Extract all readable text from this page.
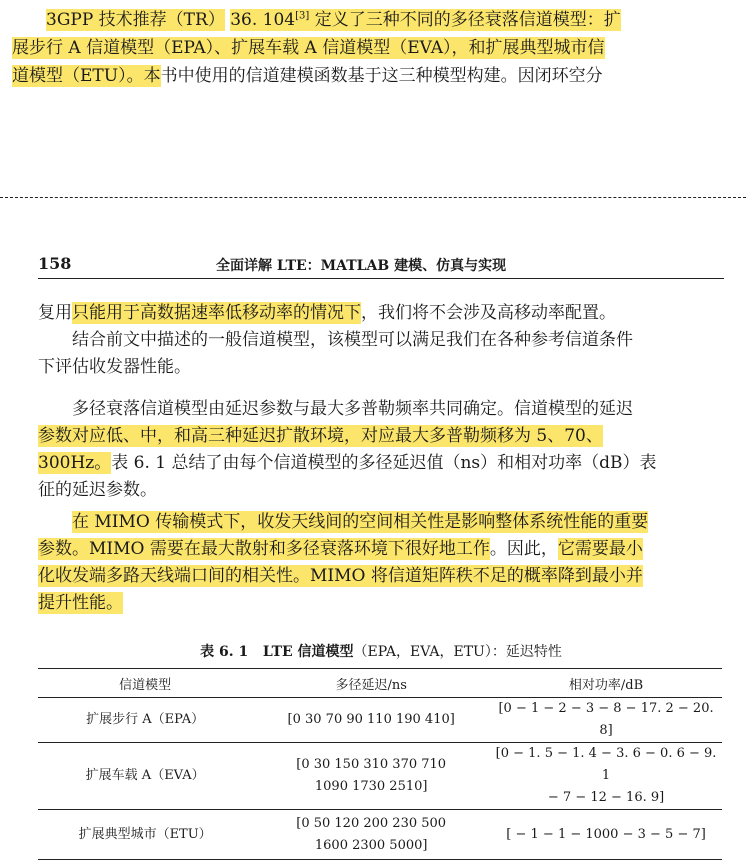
3GPP 技术推荐（TR） 36. 104[3] 定义了三种不同的多径衰落信道模型：扩
展步行 A 信道模型（EPA）、扩展车载 A 信道模型（EVA），和扩展典型城市信
道模型（ETU）。本书中使用的信道建模函数基于这三种模型构建。因闭环空分
158	全面详解 LTE：MATLAB 建模、仿真与实现

复用只能用于高数据速率低移动率的情况下，我们将不会涉及高移动率配置。

结合前文中描述的一般信道模型，该模型可以满足我们在各种参考信道条件
下评估收发器性能。

多径衰落信道模型由延迟参数与最大多普勒频率共同确定。信道模型的延迟
参数对应低、中，和高三种延迟扩散环境，对应最大多普勒频移为 5、70、
300Hz。表 6. 1 总结了由每个信道模型的多径延迟值（ns）和相对功率（dB）表
征的延迟参数。

在 MIMO 传输模式下，收发天线间的空间相关性是影响整体系统性能的重要
参数。MIMO 需要在最大散射和多径衰落环境下很好地工作。因此，它需要最小
化收发端多路天线端口间的相关性。MIMO 将信道矩阵秩不足的概率降到最小并
提升性能。

表 6. 1 LTE 信道模型（EPA，EVA，ETU）：延迟特性
信道模型	多径延迟/ns	相对功率/dB
扩展步行 A（EPA）	[0 30 70 90 110 190 410]	[0 − 1 − 2 − 3 − 8 − 17. 2 − 20. 8]
扩展车载 A（EVA）	[0 30 150 310 370 710
1090 1730 2510]	[0 − 1. 5 − 1. 4 − 3. 6 − 0. 6 − 9. 1
− 7 − 12 − 16. 9]
扩展典型城市（ETU）	[0 50 120 200 230 500
1600 2300 5000]	[ − 1 − 1 − 1000 − 3 − 5 − 7]
